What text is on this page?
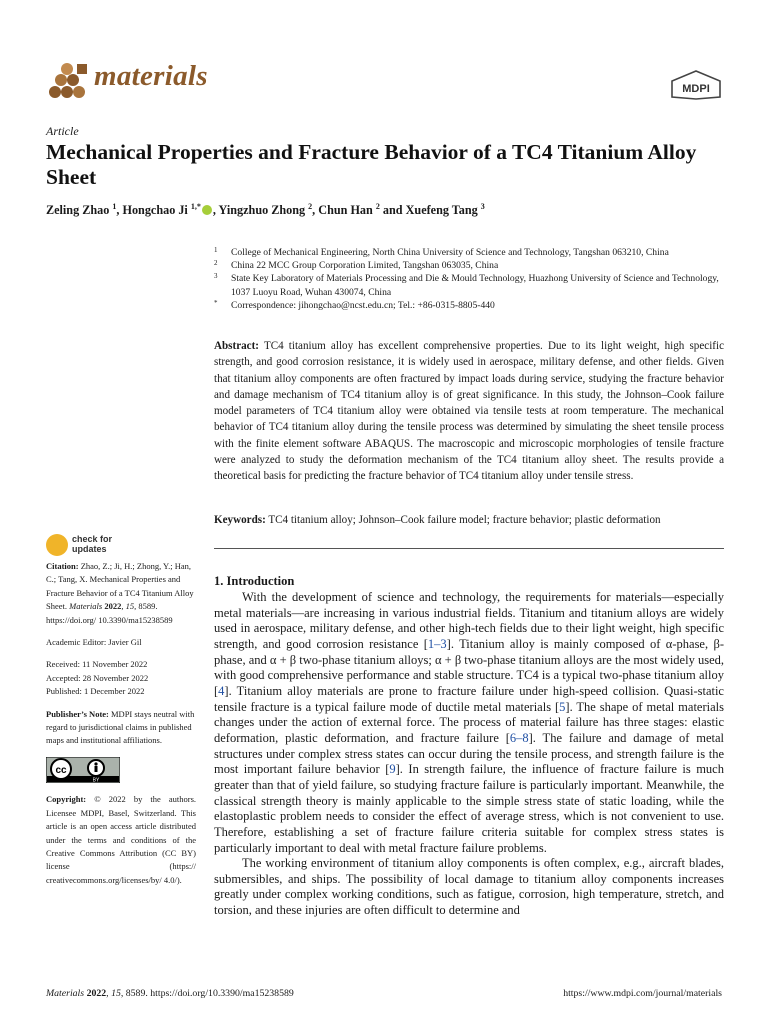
materials	MDPI
Article
Mechanical Properties and Fracture Behavior of a TC4 Titanium Alloy Sheet
Zeling Zhao $^1$, Hongchao Ji $^{1,*}$ , Yingzhuo Zhong $^2$, Chun Han $^2$ and Xuefeng Tang $^3$
1 College of Mechanical Engineering, North China University of Science and Technology, Tangshan 063210, China
2 China 22 MCC Group Corporation Limited, Tangshan 063035, China
3 State Key Laboratory of Materials Processing and Die & Mould Technology, Huazhong University of Science and Technology, 1037 Luoyu Road, Wuhan 430074, China
* Correspondence: jihongchao@ncst.edu.cn; Tel.: +86-0315-8805-440
Abstract: TC4 titanium alloy has excellent comprehensive properties. Due to its light weight, high specific strength, and good corrosion resistance, it is widely used in aerospace, military defense, and other fields. Given that titanium alloy components are often fractured by impact loads during service, studying the fracture behavior and damage mechanism of TC4 titanium alloy is of great significance. In this study, the Johnson–Cook failure model parameters of TC4 titanium alloy were obtained via tensile tests at room temperature. The mechanical behavior of TC4 titanium alloy during the tensile process was determined by simulating the sheet tensile process with the finite element software ABAQUS. The macroscopic and microscopic morphologies of tensile fracture were analyzed to study the deformation mechanism of the TC4 titanium alloy sheet. The results provide a theoretical basis for predicting the fracture behavior of TC4 titanium alloy under tensile stress.
Keywords: TC4 titanium alloy; Johnson–Cook failure model; fracture behavior; plastic deformation
check for
updates
Citation: Zhao, Z.; Ji, H.; Zhong, Y.; Han, C.; Tang, X. Mechanical Properties and Fracture Behavior of a TC4 Titanium Alloy Sheet. Materials 2022, 15, 8589. https://doi.org/ 10.3390/ma15238589
Academic Editor: Javier Gil
Received: 11 November 2022
Accepted: 28 November 2022
Published: 1 December 2022
Publisher’s Note: MDPI stays neutral with regard to jurisdictional claims in published maps and institutional affiliations.
cc
BY
Copyright: © 2022 by the authors. Licensee MDPI, Basel, Switzerland. This article is an open access article distributed under the terms and conditions of the Creative Commons Attribution (CC BY) license (https:// creativecommons.org/licenses/by/ 4.0/).
1. Introduction

With the development of science and technology, the requirements for materials—especially metal materials—are increasing in various industrial fields. Titanium and titanium alloys are widely used in aerospace, military defense, and other high-tech fields due to their light weight, high specific strength, and good corrosion resistance [1–3]. Titanium alloy is mainly composed of α-phase, β-phase, and α + β two-phase titanium alloys; α + β two-phase titanium alloys are the most widely used, with good comprehensive performance and stable structure. TC4 is a typical two-phase titanium alloy [4]. Titanium alloy materials are prone to fracture failure under high-speed collision. Quasi-static tensile fracture is a typical failure mode of ductile metal materials [5]. The shape of metal materials changes under the action of external force. The process of material failure has three stages: elastic deformation, plastic deformation, and fracture failure [6–8]. The failure and damage of metal structures under complex stress states can occur during the tensile process, and strength failure is the most important failure behavior [9]. In strength failure, the influence of fracture failure is much greater than that of yield failure, so studying fracture failure is particularly important. Meanwhile, the classical strength theory is mainly applicable to the simple stress state of static loading, while the elastoplastic problem needs to consider the effect of average stress, which is not convenient to use. Therefore, establishing a set of fracture failure criteria suitable for complex stress states is particularly important to deal with metal fracture failure problems.

The working environment of titanium alloy components is often complex, e.g., aircraft blades, submersibles, and ships. The possibility of local damage to titanium alloy components increases greatly under complex working conditions, such as fatigue, corrosion, high temperature, stretch, and torsion, and these injuries are often difficult to determine and

Materials 2022, 15, 8589. https://doi.org/10.3390/ma15238589	https://www.mdpi.com/journal/materials
